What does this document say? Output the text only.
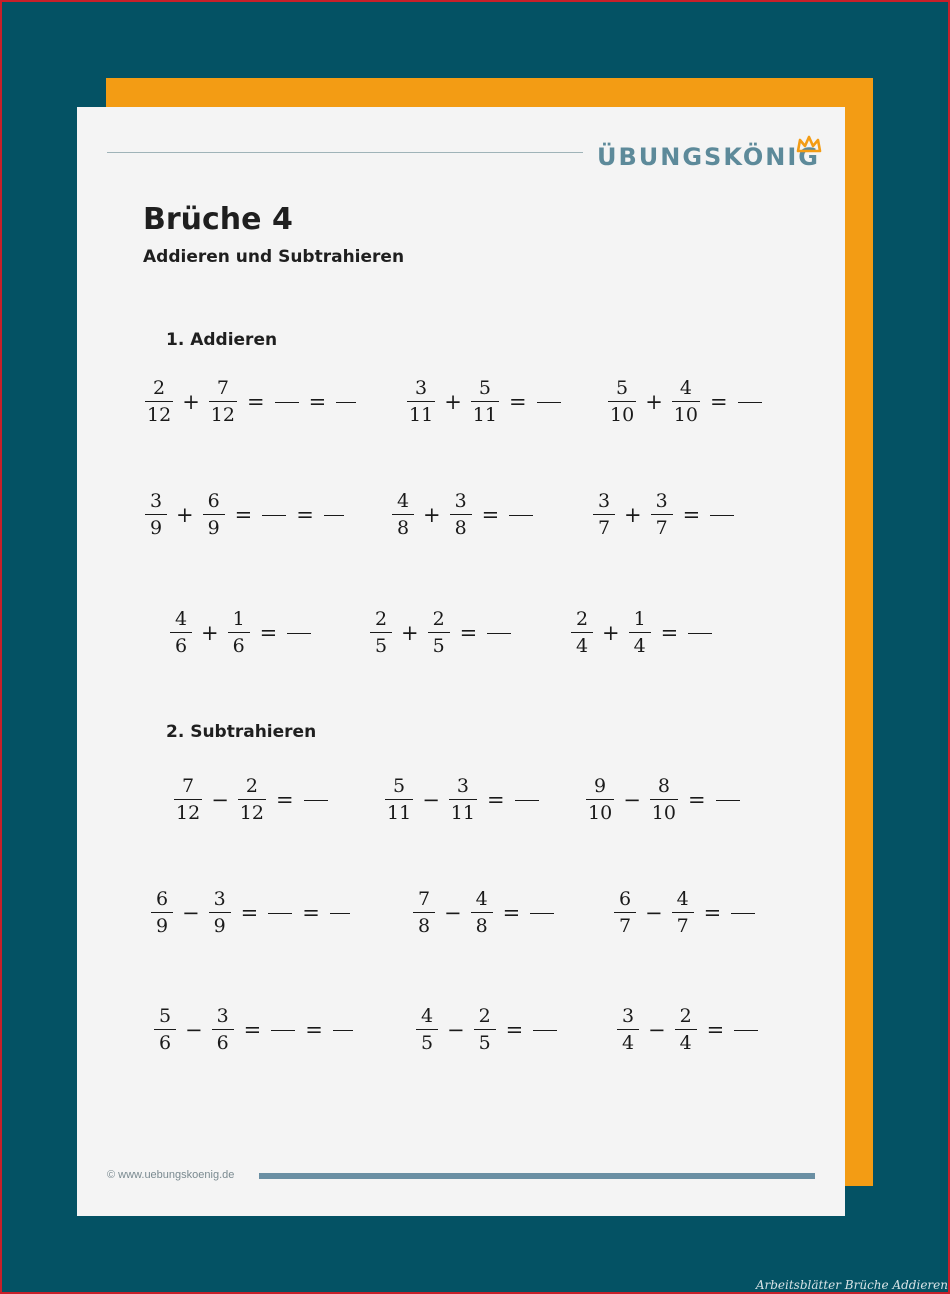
ÜBUNGSKÖNIG
Brüche 4
Addieren und Subtrahieren
1. Addieren
2. Subtrahieren
$\frac{2}{12} + \frac{7}{12}$ = =	$\frac{3}{11} + \frac{5}{11}$ =	$\frac{5}{10} + \frac{4}{10}$ =
$\frac{3}{9} + \frac{6}{9}$ = =	$\frac{4}{8} + \frac{3}{8}$ =	$\frac{3}{7} + \frac{3}{7}$ =
$\frac{4}{6} + \frac{1}{6}$ =	$\frac{2}{5} + \frac{2}{5}$ =	$\frac{2}{4} + \frac{1}{4}$ =
$\frac{7}{12} - \frac{2}{12}$ =	$\frac{5}{11} - \frac{3}{11}$ =	$\frac{9}{10} - \frac{8}{10}$ =
$\frac{6}{9} - \frac{3}{9}$ = =	$\frac{7}{8} - \frac{4}{8}$ =	$\frac{6}{7} - \frac{4}{7}$ =
$\frac{5}{6} - \frac{3}{6}$ = =	$\frac{4}{5} - \frac{2}{5}$ =	$\frac{3}{4} - \frac{2}{4}$ =
© www.uebungskoenig.de
Arbeitsblätter Brüche Addieren
